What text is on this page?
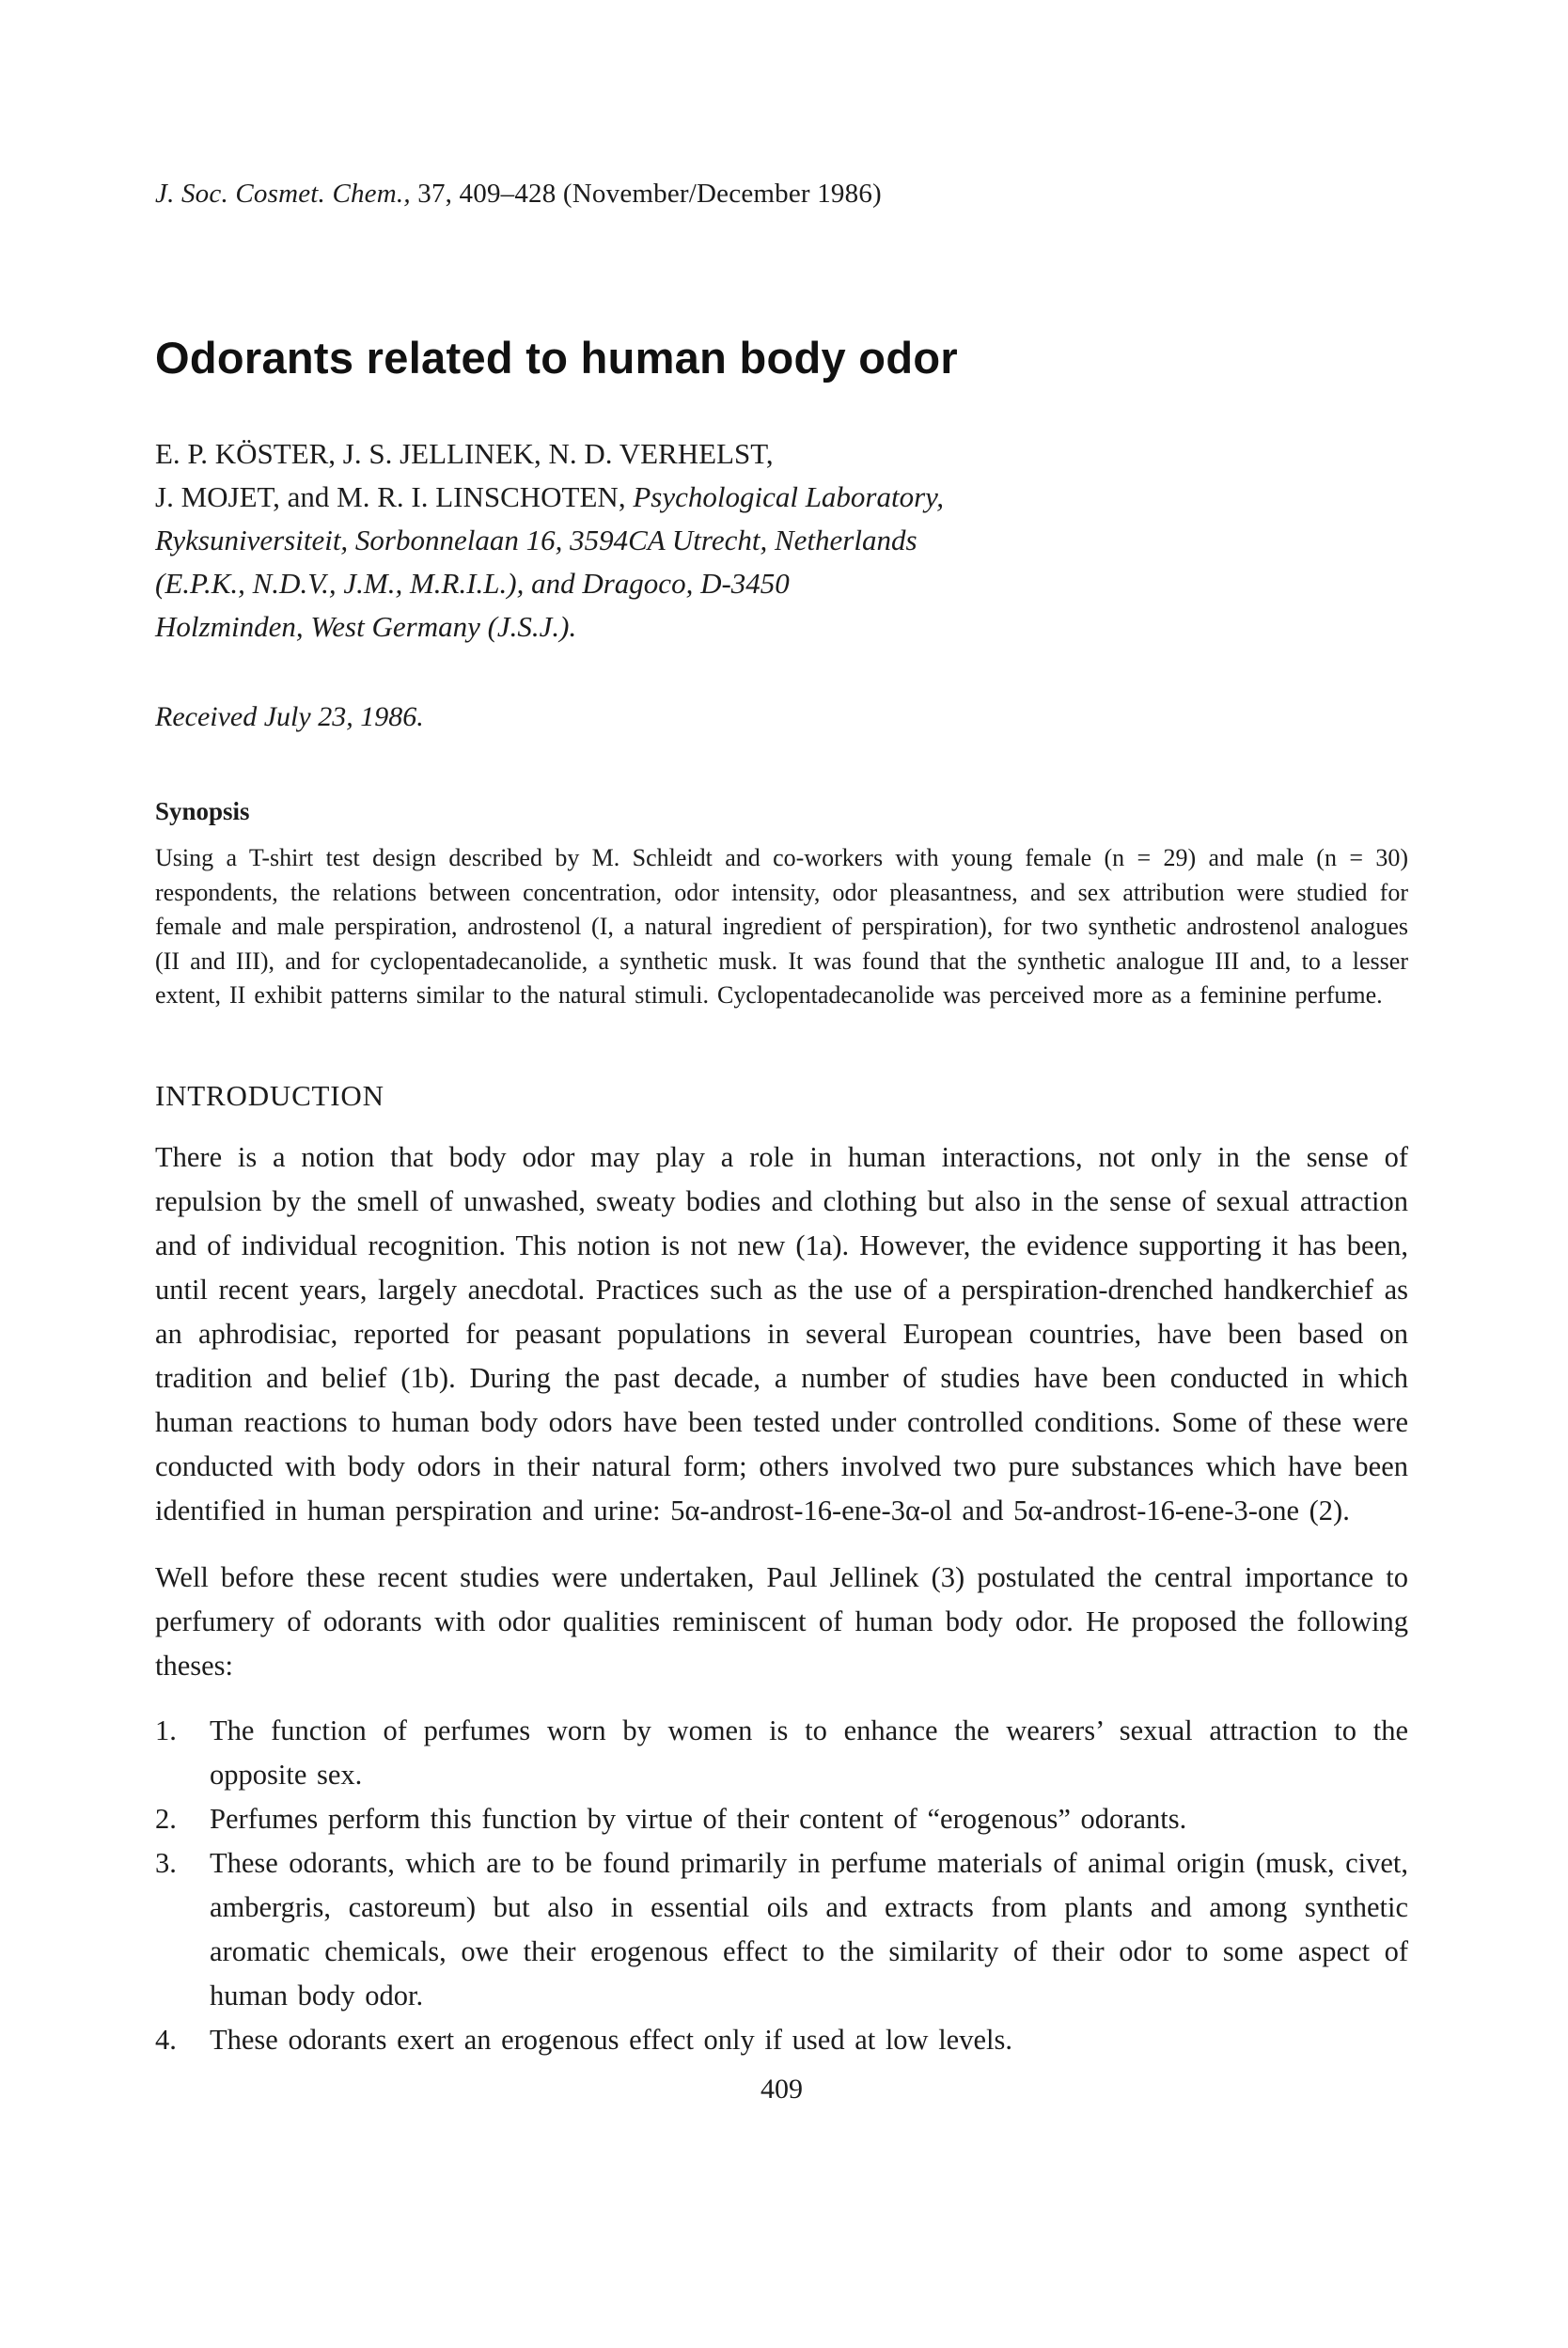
J. Soc. Cosmet. Chem., 37, 409–428 (November/December 1986)
Odorants related to human body odor
E. P. KÖSTER, J. S. JELLINEK, N. D. VERHELST,
J. MOJET, and M. R. I. LINSCHOTEN, Psychological Laboratory,
Ryksuniversiteit, Sorbonnelaan 16, 3594CA Utrecht, Netherlands
(E.P.K., N.D.V., J.M., M.R.I.L.), and Dragoco, D-3450
Holzminden, West Germany (J.S.J.).
Received July 23, 1986.
Synopsis
Using a T-shirt test design described by M. Schleidt and co-workers with young female (n = 29) and male (n = 30) respondents, the relations between concentration, odor intensity, odor pleasantness, and sex attribution were studied for female and male perspiration, androstenol (I, a natural ingredient of perspiration), for two synthetic androstenol analogues (II and III), and for cyclopentadecanolide, a synthetic musk. It was found that the synthetic analogue III and, to a lesser extent, II exhibit patterns similar to the natural stimuli. Cyclopentadecanolide was perceived more as a feminine perfume.
INTRODUCTION

There is a notion that body odor may play a role in human interactions, not only in the sense of repulsion by the smell of unwashed, sweaty bodies and clothing but also in the sense of sexual attraction and of individual recognition. This notion is not new (1a). However, the evidence supporting it has been, until recent years, largely anecdotal. Practices such as the use of a perspiration-drenched handkerchief as an aphrodisiac, reported for peasant populations in several European countries, have been based on tradition and belief (1b). During the past decade, a number of studies have been conducted in which human reactions to human body odors have been tested under controlled conditions. Some of these were conducted with body odors in their natural form; others involved two pure substances which have been identified in human perspiration and urine: 5α-androst-16-ene-3α-ol and 5α-androst-16-ene-3-one (2).

Well before these recent studies were undertaken, Paul Jellinek (3) postulated the central importance to perfumery of odorants with odor qualities reminiscent of human body odor. He proposed the following theses:

1.	The function of perfumes worn by women is to enhance the wearers’ sexual attraction to the opposite sex.
2.	Perfumes perform this function by virtue of their content of “erogenous” odorants.
3.	These odorants, which are to be found primarily in perfume materials of animal origin (musk, civet, ambergris, castoreum) but also in essential oils and extracts from plants and among synthetic aromatic chemicals, owe their erogenous effect to the similarity of their odor to some aspect of human body odor.
4.	These odorants exert an erogenous effect only if used at low levels.
409
